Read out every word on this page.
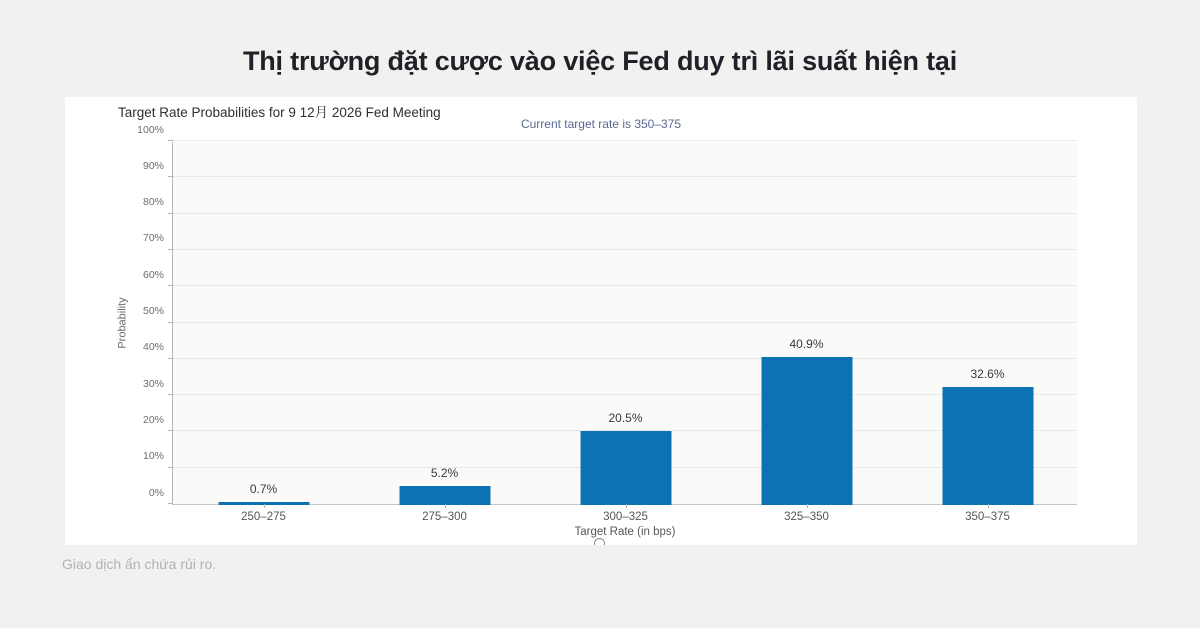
Thị trường đặt cược vào việc Fed duy trì lãi suất hiện tại
Target Rate Probabilities for 9 12月 2026 Fed Meeting
Current target rate is 350–375
Probability
Target Rate (in bps)
0%
10%
20%
30%
40%
50%
60%
70%
80%
90%
100%
0.7%
250–275
5.2%
275–300
20.5%
300–325
40.9%
325–350
32.6%
350–375
Giao dịch ẩn chứa rủi ro.
